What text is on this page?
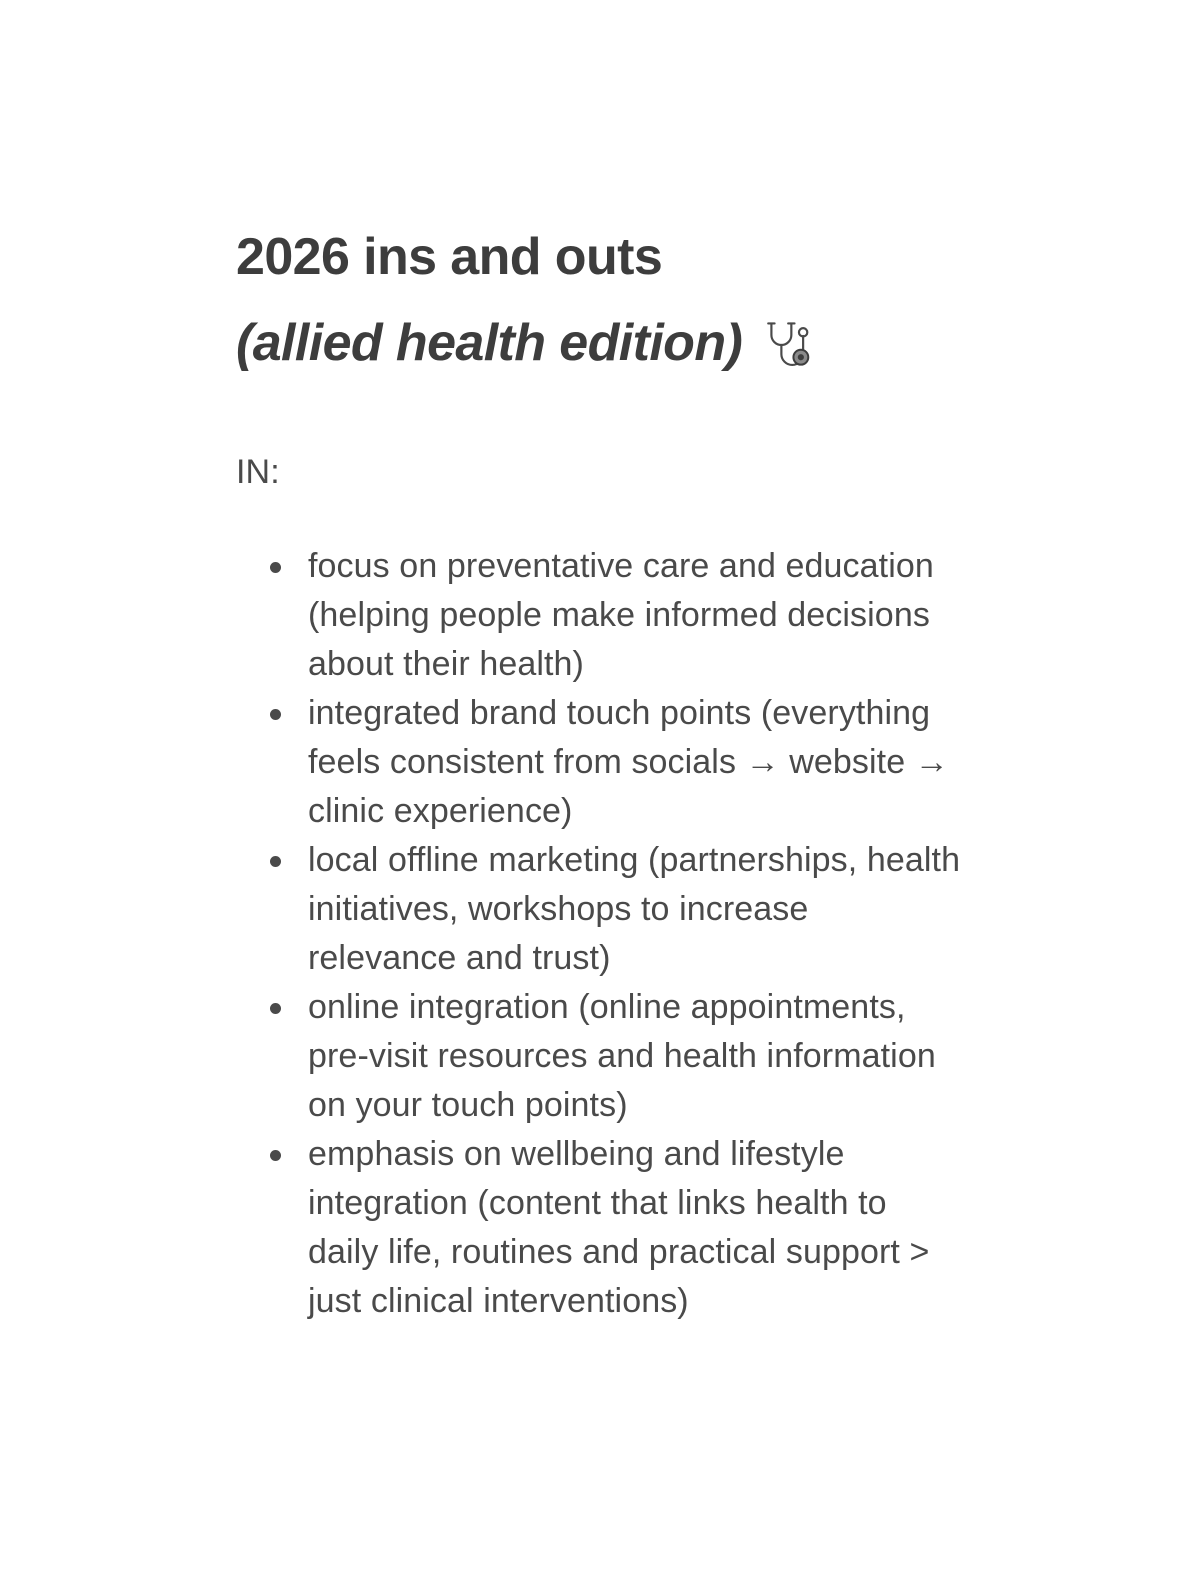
2026 ins and outs
(allied health edition)
IN:
focus on preventative care and education (helping people make informed decisions about their health)
integrated brand touch points (everything feels consistent from socials → website → clinic experience)
local offline marketing (partnerships, health initiatives, workshops to increase relevance and trust)
online integration (online appointments, pre-visit resources and health information on your touch points)
emphasis on wellbeing and lifestyle integration (content that links health to daily life, routines and practical support > just clinical interventions)
